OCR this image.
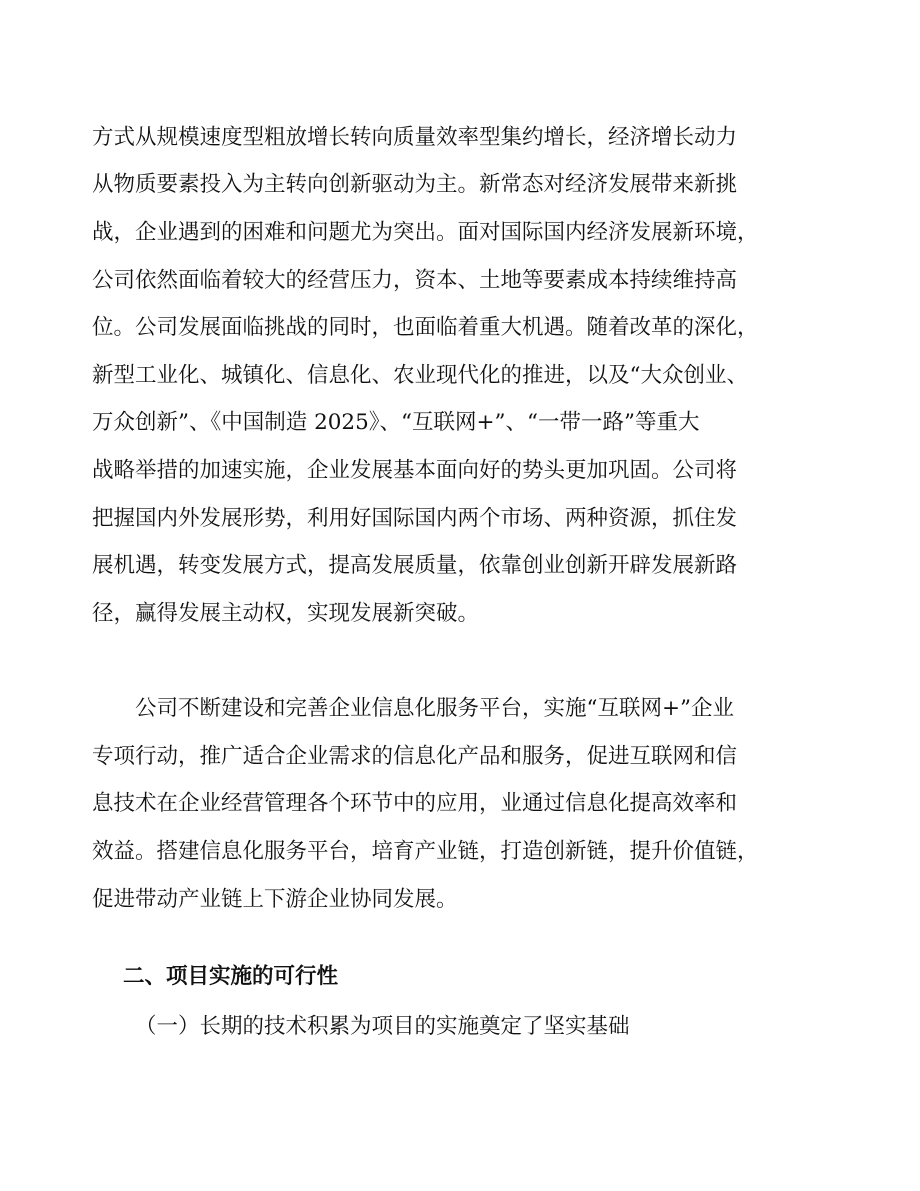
方式从规模速度型粗放增长转向质量效率型集约增长，经济增长动力
从物质要素投入为主转向创新驱动为主。新常态对经济发展带来新挑
战，企业遇到的困难和问题尤为突出。面对国际国内经济发展新环境，
公司依然面临着较大的经营压力，资本、土地等要素成本持续维持高
位。公司发展面临挑战的同时，也面临着重大机遇。随着改革的深化，
新型工业化、城镇化、信息化、农业现代化的推进，以及“大众创业、
万众创新”、《中国制造 2025》、“互联网+”、“一带一路”等重大
战略举措的加速实施，企业发展基本面向好的势头更加巩固。公司将
把握国内外发展形势，利用好国际国内两个市场、两种资源，抓住发
展机遇，转变发展方式，提高发展质量，依靠创业创新开辟发展新路
径，赢得发展主动权，实现发展新突破。
公司不断建设和完善企业信息化服务平台，实施“互联网+”企业
专项行动，推广适合企业需求的信息化产品和服务，促进互联网和信
息技术在企业经营管理各个环节中的应用，业通过信息化提高效率和
效益。搭建信息化服务平台，培育产业链，打造创新链，提升价值链，
促进带动产业链上下游企业协同发展。
二、项目实施的可行性
（一）长期的技术积累为项目的实施奠定了坚实基础
